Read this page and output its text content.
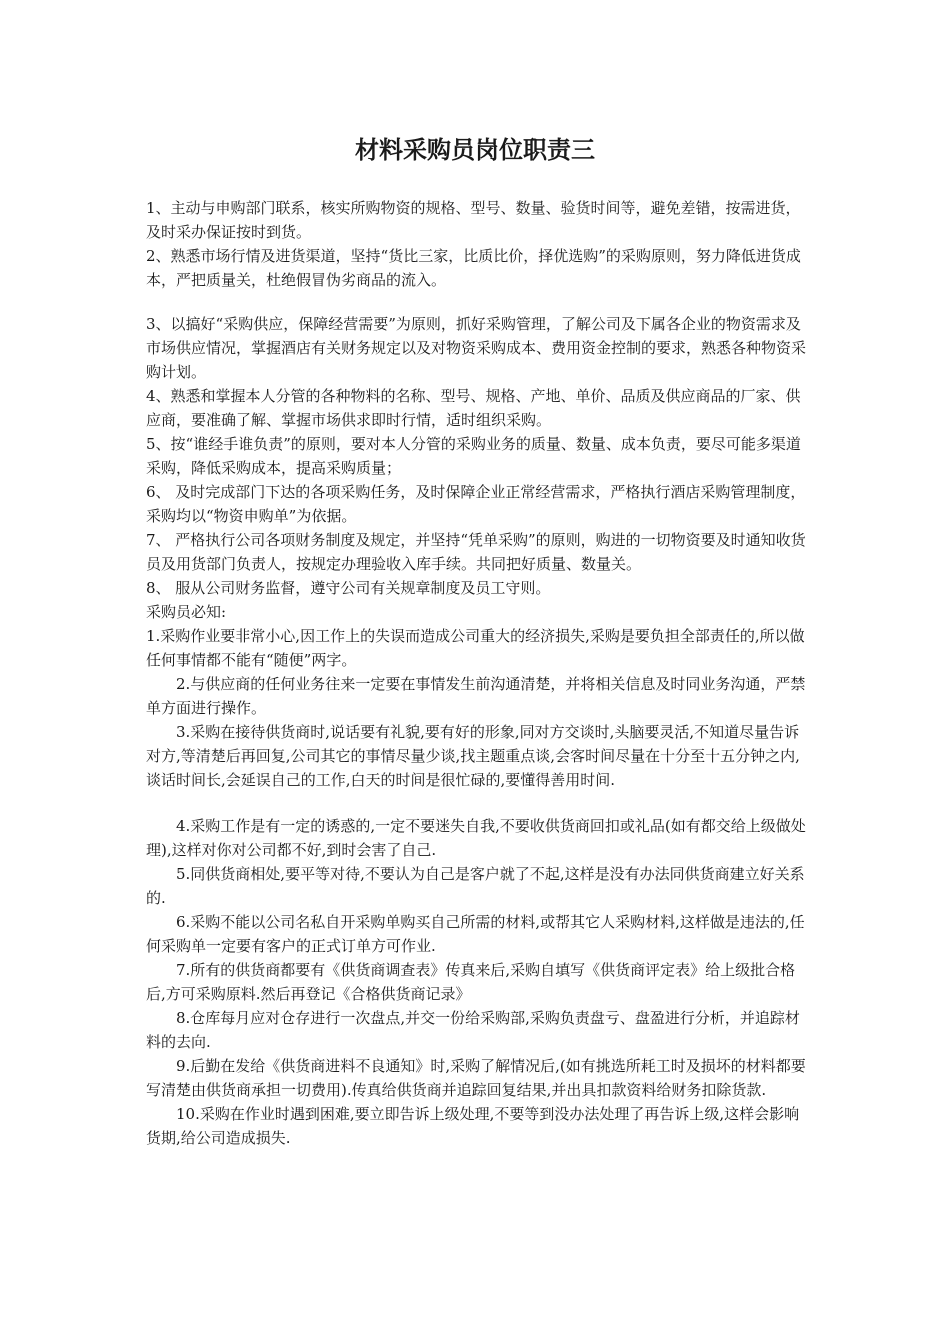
材料采购员岗位职责三

1、主动与申购部门联系，核实所购物资的规格、型号、数量、验货时间等，避免差错，按需进货，及时采办保证按时到货。

2、熟悉市场行情及进货渠道，坚持“货比三家，比质比价，择优选购”的采购原则，努力降低进货成本，严把质量关，杜绝假冒伪劣商品的流入。

3、以搞好“采购供应，保障经营需要”为原则，抓好采购管理，了解公司及下属各企业的物资需求及市场供应情况，掌握酒店有关财务规定以及对物资采购成本、费用资金控制的要求，熟悉各种物资采购计划。

4、熟悉和掌握本人分管的各种物料的名称、型号、规格、产地、单价、品质及供应商品的厂家、供应商，要准确了解、掌握市场供求即时行情，适时组织采购。

5、按“谁经手谁负责”的原则，要对本人分管的采购业务的质量、数量、成本负责，要尽可能多渠道采购，降低采购成本，提高采购质量；

6、 及时完成部门下达的各项采购任务，及时保障企业正常经营需求，严格执行酒店采购管理制度，采购均以“物资申购单”为依据。

7、 严格执行公司各项财务制度及规定，并坚持“凭单采购”的原则，购进的一切物资要及时通知收货员及用货部门负责人，按规定办理验收入库手续。共同把好质量、数量关。

8、 服从公司财务监督，遵守公司有关规章制度及员工守则。

采购员必知:

1.采购作业要非常小心,因工作上的失误而造成公司重大的经济损失,采购是要负担全部责任的,所以做任何事情都不能有“随便”两字。

2.与供应商的任何业务往来一定要在事情发生前沟通清楚，并将相关信息及时同业务沟通，严禁单方面进行操作。

3.采购在接待供货商时,说话要有礼貌,要有好的形象,同对方交谈时,头脑要灵活,不知道尽量告诉对方,等清楚后再回复,公司其它的事情尽量少谈,找主题重点谈,会客时间尽量在十分至十五分钟之内,谈话时间长,会延误自己的工作,白天的时间是很忙碌的,要懂得善用时间.

4.采购工作是有一定的诱惑的,一定不要迷失自我,不要收供货商回扣或礼品(如有都交给上级做处理),这样对你对公司都不好,到时会害了自己.

5.同供货商相处,要平等对待,不要认为自己是客户就了不起,这样是没有办法同供货商建立好关系的.

6.采购不能以公司名私自开采购单购买自己所需的材料,或帮其它人采购材料,这样做是违法的,任何采购单一定要有客户的正式订单方可作业.

7.所有的供货商都要有《供货商调查表》传真来后,采购自填写《供货商评定表》给上级批合格后,方可采购原料.然后再登记《合格供货商记录》

8.仓库每月应对仓存进行一次盘点,并交一份给采购部,采购负责盘亏、盘盈进行分析，并追踪材料的去向.

9.后勤在发给《供货商进料不良通知》时,采购了解情况后,(如有挑选所耗工时及损坏的材料都要写清楚由供货商承担一切费用).传真给供货商并追踪回复结果,并出具扣款资料给财务扣除货款.

10.采购在作业时遇到困难,要立即告诉上级处理,不要等到没办法处理了再告诉上级,这样会影响货期,给公司造成损失.
